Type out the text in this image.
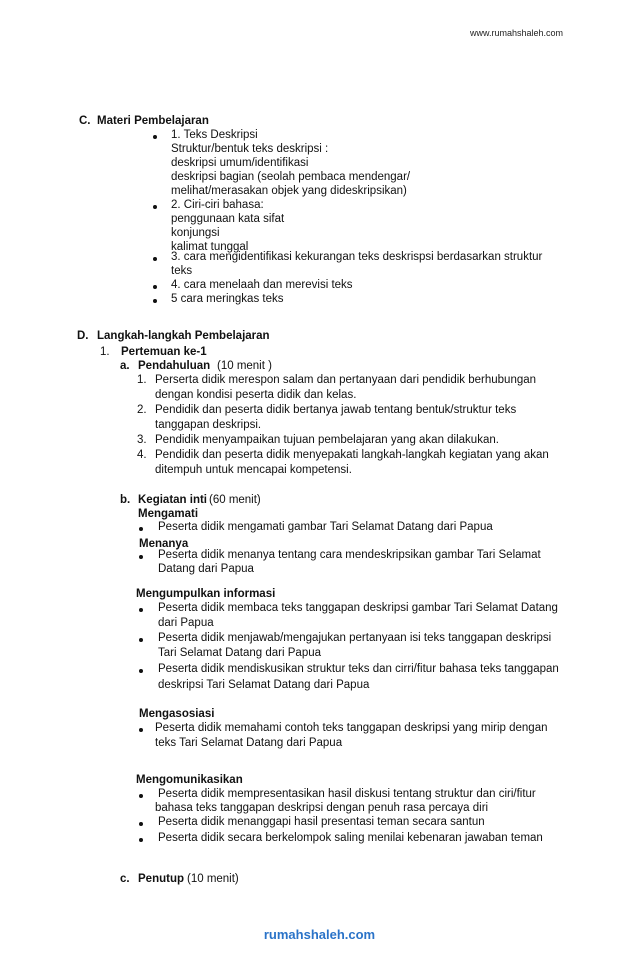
www.rumahshaleh.com
C. Materi Pembelajaran
1. Teks Deskripsi
Struktur/bentuk teks deskripsi :
deskripsi umum/identifikasi
deskripsi bagian (seolah pembaca mendengar/
melihat/merasakan objek yang dideskripsikan)
2. Ciri-ciri bahasa:
penggunaan kata sifat
konjungsi
kalimat tunggal
3. cara mengidentifikasi kekurangan teks deskrispsi berdasarkan struktur
teks
4. cara menelaah dan merevisi teks
5 cara meringkas teks
D. Langkah-langkah Pembelajaran
1. Pertemuan ke-1
a. Pendahuluan (10 menit )
1. Perserta didik merespon salam dan pertanyaan dari pendidik berhubungan
dengan kondisi peserta didik dan kelas.
2. Pendidik dan peserta didik bertanya jawab tentang bentuk/struktur teks
tanggapan deskripsi.
3. Pendidik menyampaikan tujuan pembelajaran yang akan dilakukan.
4. Pendidik dan peserta didik menyepakati langkah-langkah kegiatan yang akan
ditempuh untuk mencapai kompetensi.
b. Kegiatan inti (60 menit)
Mengamati
Peserta didik mengamati gambar Tari Selamat Datang dari Papua
Menanya
Peserta didik menanya tentang cara mendeskripsikan gambar Tari Selamat
Datang dari Papua
Mengumpulkan informasi
Peserta didik membaca teks tanggapan deskripsi gambar Tari Selamat Datang
dari Papua
Peserta didik menjawab/mengajukan pertanyaan isi teks tanggapan deskripsi
Tari Selamat Datang dari Papua
Peserta didik mendiskusikan struktur teks dan cirri/fitur bahasa teks tanggapan
deskripsi Tari Selamat Datang dari Papua
Mengasosiasi
Peserta didik memahami contoh teks tanggapan deskripsi yang mirip dengan
teks Tari Selamat Datang dari Papua
Mengomunikasikan
Peserta didik mempresentasikan hasil diskusi tentang struktur dan ciri/fitur
bahasa teks tanggapan deskripsi dengan penuh rasa percaya diri
Peserta didik menanggapi hasil presentasi teman secara santun
Peserta didik secara berkelompok saling menilai kebenaran jawaban teman
c. Penutup (10 menit)
rumahshaleh.com
